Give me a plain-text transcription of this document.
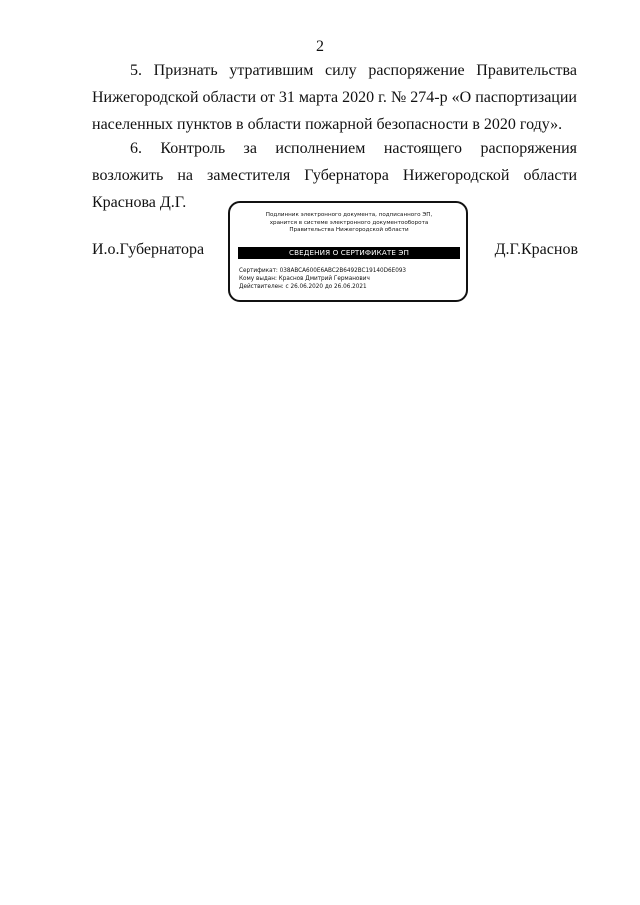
2

5. Признать утратившим силу распоряжение Правительства Нижегородской области от 31 марта 2020 г. № 274-р «О паспортизации населенных пунктов в области пожарной безопасности в 2020 году».

6. Контроль за исполнением настоящего распоряжения возложить на заместителя Губернатора Нижегородской области Краснова Д.Г.

И.о.Губернатора
Подлинник электронного документа, подписанного ЭП,
хранится в системе электронного документооборота
Правительства Нижегородской области
СВЕДЕНИЯ О СЕРТИФИКАТЕ ЭП
Сертификат: 038ABCA600E6ABC2B6492BC19140D6E093
Кому выдан: Краснов Дмитрий Германович
Действителен: с 26.06.2020 до 26.06.2021
Д.Г.Краснов
